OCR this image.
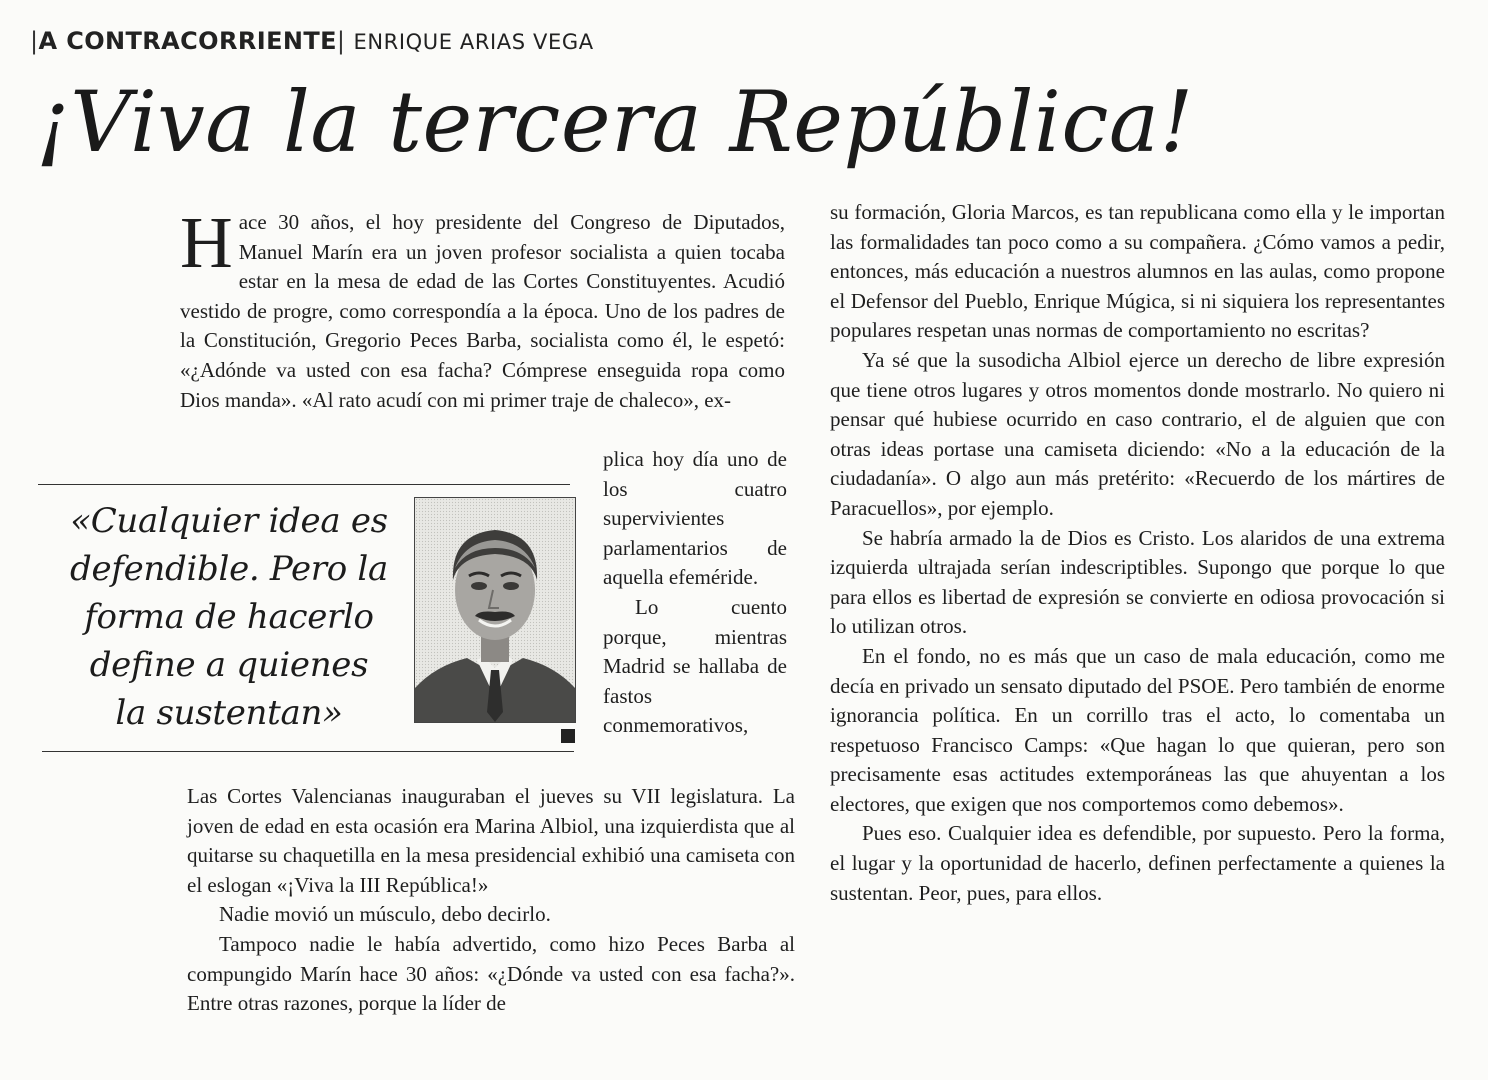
|A CONTRACORRIENTE| ENRIQUE ARIAS VEGA
¡Viva la tercera República!

Hace 30 años, el hoy presidente del Congreso de Diputados, Manuel Marín era un joven profesor socialista a quien tocaba estar en la mesa de edad de las Cortes Constituyentes. Acudió vestido de progre, como correspondía a la época. Uno de los padres de la Constitución, Gregorio Peces Barba, socialista como él, le espetó: «¿Adónde va usted con esa facha? Cómprese enseguida ropa como Dios manda». «Al rato acudí con mi primer traje de chaleco», ex-

plica hoy día uno de los cuatro supervivientes parlamentarios de aquella efeméride.

Lo cuento porque, mientras Madrid se hallaba de fastos conmemorativos,

«Cualquier idea es defendible. Pero la forma de hacerlo define a quienes la sustentan»

Las Cortes Valencianas inauguraban el jueves su VII legislatura. La joven de edad en esta ocasión era Marina Albiol, una izquierdista que al quitarse su chaquetilla en la mesa presidencial exhibió una camiseta con el eslogan «¡Viva la III República!»

Nadie movió un músculo, debo decirlo.

Tampoco nadie le había advertido, como hizo Peces Barba al compungido Marín hace 30 años: «¿Dónde va usted con esa facha?». Entre otras razones, porque la líder de

su formación, Gloria Marcos, es tan republicana como ella y le importan las formalidades tan poco como a su compañera. ¿Cómo vamos a pedir, entonces, más educación a nuestros alumnos en las aulas, como propone el Defensor del Pueblo, Enrique Múgica, si ni siquiera los representantes populares respetan unas normas de comportamiento no escritas?

Ya sé que la susodicha Albiol ejerce un derecho de libre expresión que tiene otros lugares y otros momentos donde mostrarlo. No quiero ni pensar qué hubiese ocurrido en caso contrario, el de alguien que con otras ideas portase una camiseta diciendo: «No a la educación de la ciudadanía». O algo aun más pretérito: «Recuerdo de los mártires de Paracuellos», por ejemplo.

Se habría armado la de Dios es Cristo. Los alaridos de una extrema izquierda ultrajada serían indescriptibles. Supongo que porque lo que para ellos es libertad de expresión se convierte en odiosa provocación si lo utilizan otros.

En el fondo, no es más que un caso de mala educación, como me decía en privado un sensato diputado del PSOE. Pero también de enorme ignorancia política. En un corrillo tras el acto, lo comentaba un respetuoso Francisco Camps: «Que hagan lo que quieran, pero son precisamente esas actitudes extemporáneas las que ahuyentan a los electores, que exigen que nos comportemos como debemos».

Pues eso. Cualquier idea es defendible, por supuesto. Pero la forma, el lugar y la oportunidad de hacerlo, definen perfectamente a quienes la sustentan. Peor, pues, para ellos.
